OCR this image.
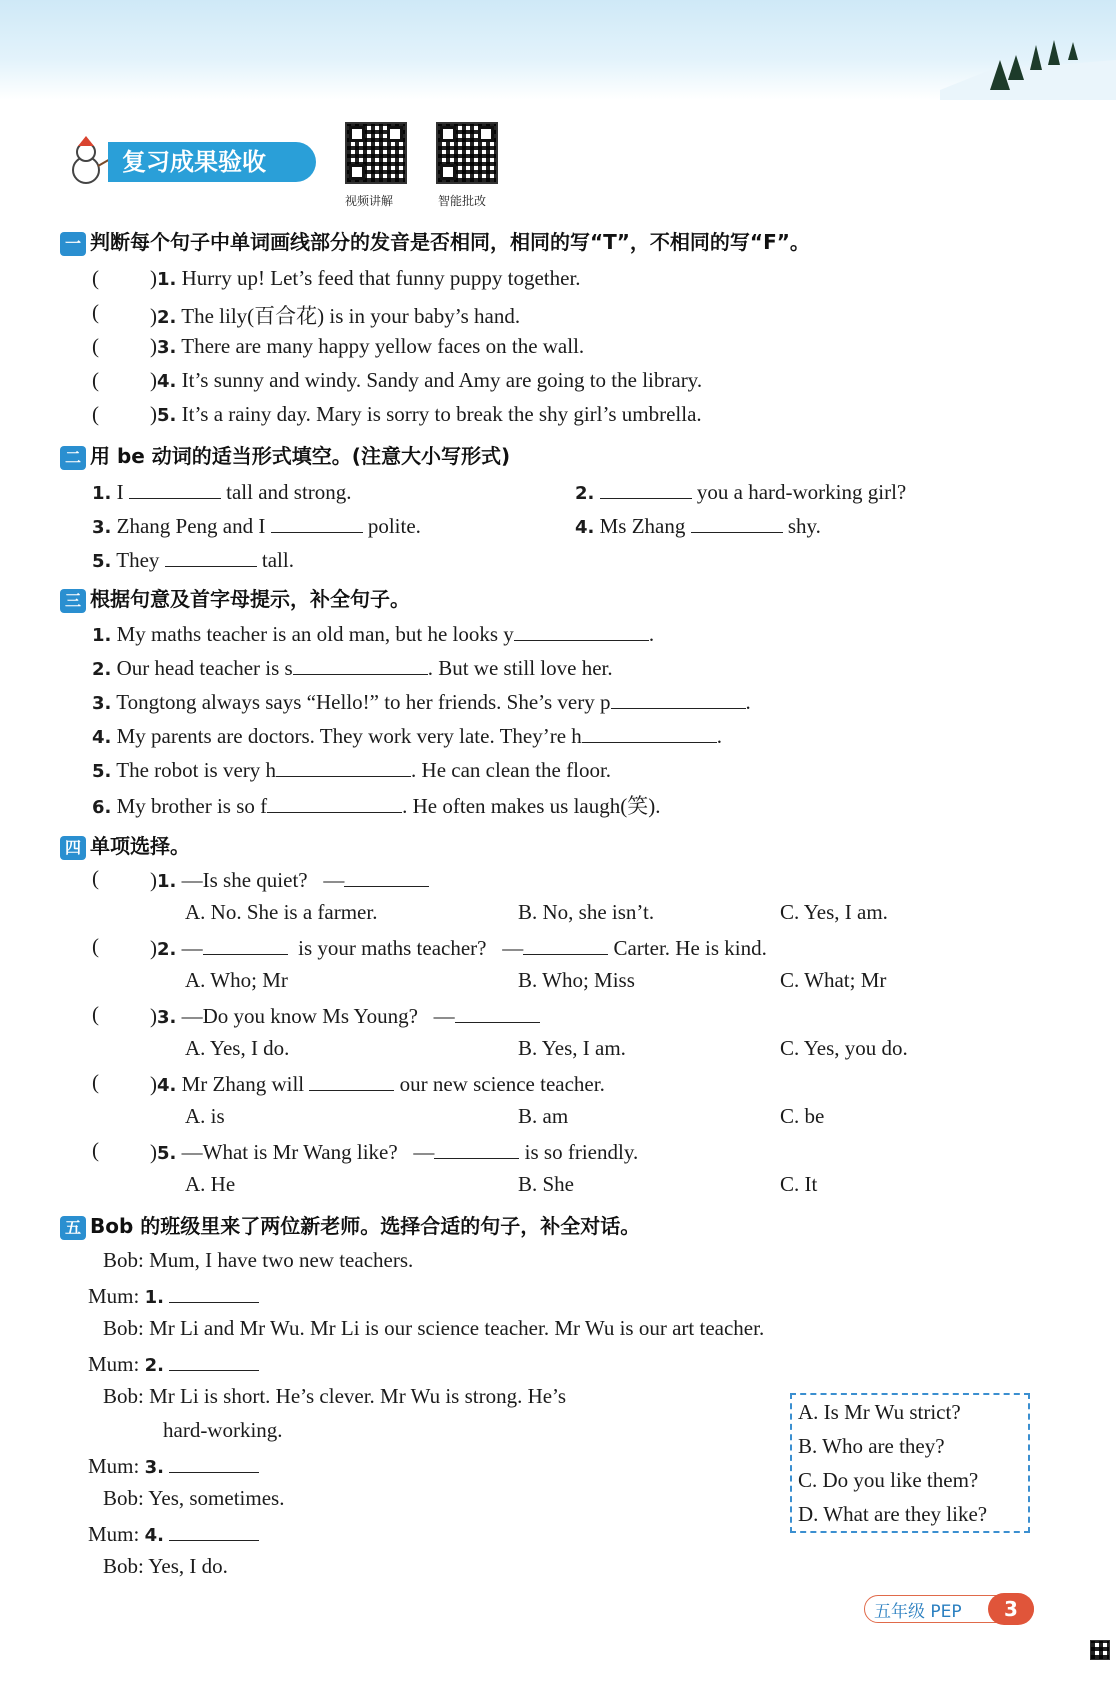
复习成果验收
视频讲解	智能批改
一 判断每个句子中单词画线部分的发音是否相同，相同的写“T”，不相同的写“F”。
( )1. Hurry up! Let’s feed that funny puppy together.
( )2. The lily(百合花) is in your baby’s hand.
( )3. There are many happy yellow faces on the wall.
( )4. It’s sunny and windy. Sandy and Amy are going to the library.
( )5. It’s a rainy day. Mary is sorry to break the shy girl’s umbrella.
二 用 be 动词的适当形式填空。(注意大小写形式)
1. I	tall and strong.	2.	you a hard-working girl?
3. Zhang Peng and I	polite.	4. Ms Zhang	shy.
5. They	tall.
三 根据句意及首字母提示，补全句子。
1. My maths teacher is an old man, but he looks y	.
2. Our head teacher is s	. But we still love her.
3. Tongtong always says “Hello!” to her friends. She’s very p	.
4. My parents are doctors. They work very late. They’re h	.
5. The robot is very h	. He can clean the floor.
6. My brother is so f	. He often makes us laugh(笑).
四 单项选择。
( )1. —Is she quiet? —
A. No. She is a farmer.	B. No, she isn’t.	C. Yes, I am.
( )2. —	is your maths teacher? —	Carter. He is kind.
A. Who; Mr	B. Who; Miss	C. What; Mr
( )3. —Do you know Ms Young? —
A. Yes, I do.	B. Yes, I am.	C. Yes, you do.
( )4. Mr Zhang will	our new science teacher.
A. is	B. am	C. be
( )5. —What is Mr Wang like? —	is so friendly.
A. He	B. She	C. It
五 Bob 的班级里来了两位新老师。选择合适的句子，补全对话。
Bob: Mum, I have two new teachers.
Mum: 1.
Bob: Mr Li and Mr Wu. Mr Li is our science teacher. Mr Wu is our art teacher.
Mum: 2.
Bob: Mr Li is short. He’s clever. Mr Wu is strong. He’s
hard-working.
Mum: 3.
Bob: Yes, sometimes.
Mum: 4.
Bob: Yes, I do.
A. Is Mr Wu strict?
B. Who are they?
C. Do you like them?
D. What are they like?
五年级 PEP	3
